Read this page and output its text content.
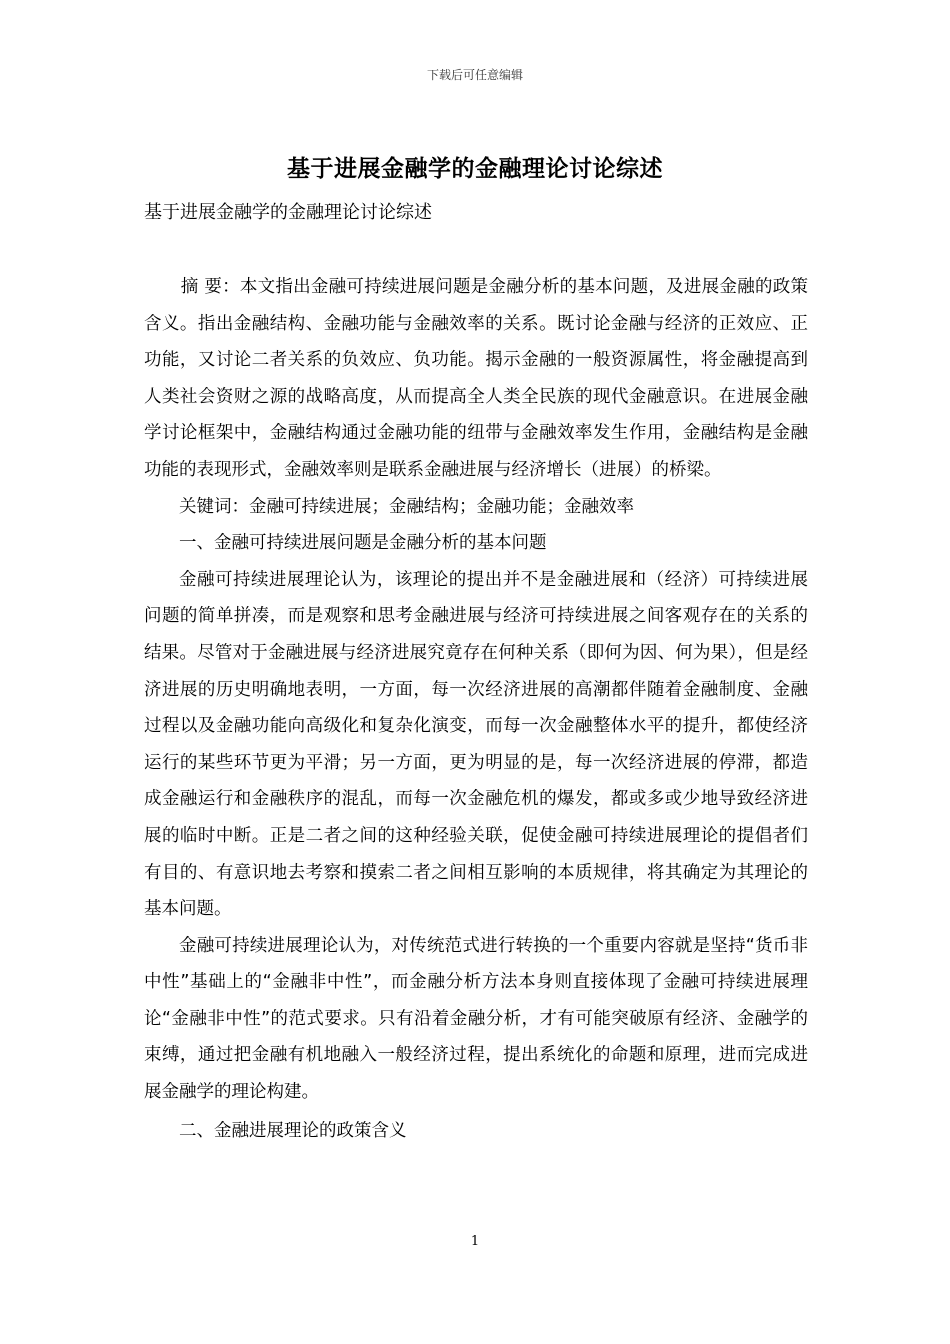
下载后可任意编辑
基于进展金融学的金融理论讨论综述

基于进展金融学的金融理论讨论综述

摘 要：本文指出金融可持续进展问题是金融分析的基本问题，及进展金融的政策含义。指出金融结构、金融功能与金融效率的关系。既讨论金融与经济的正效应、正功能，又讨论二者关系的负效应、负功能。揭示金融的一般资源属性，将金融提高到人类社会资财之源的战略高度，从而提高全人类全民族的现代金融意识。在进展金融学讨论框架中，金融结构通过金融功能的纽带与金融效率发生作用，金融结构是金融功能的表现形式，金融效率则是联系金融进展与经济增长（进展）的桥梁。

关键词：金融可持续进展；金融结构；金融功能；金融效率

一、金融可持续进展问题是金融分析的基本问题

金融可持续进展理论认为，该理论的提出并不是金融进展和（经济）可持续进展问题的简单拼凑，而是观察和思考金融进展与经济可持续进展之间客观存在的关系的结果。尽管对于金融进展与经济进展究竟存在何种关系（即何为因、何为果），但是经济进展的历史明确地表明，一方面，每一次经济进展的高潮都伴随着金融制度、金融过程以及金融功能向高级化和复杂化演变，而每一次金融整体水平的提升，都使经济运行的某些环节更为平滑；另一方面，更为明显的是，每一次经济进展的停滞，都造成金融运行和金融秩序的混乱，而每一次金融危机的爆发，都或多或少地导致经济进展的临时中断。正是二者之间的这种经验关联，促使金融可持续进展理论的提倡者们有目的、有意识地去考察和摸索二者之间相互影响的本质规律，将其确定为其理论的基本问题。

金融可持续进展理论认为，对传统范式进行转换的一个重要内容就是坚持“货币非中性”基础上的“金融非中性”，而金融分析方法本身则直接体现了金融可持续进展理论“金融非中性”的范式要求。只有沿着金融分析，才有可能突破原有经济、金融学的束缚，通过把金融有机地融入一般经济过程，提出系统化的命题和原理，进而完成进展金融学的理论构建。

二、金融进展理论的政策含义

1
